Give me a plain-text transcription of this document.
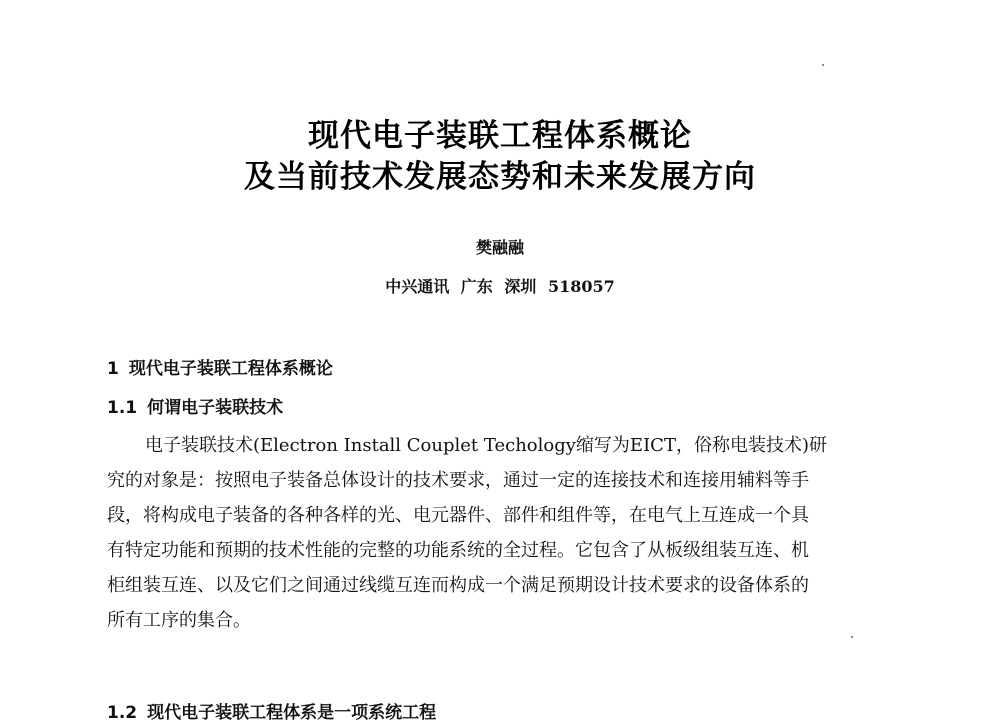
现代电子装联工程体系概论
及当前技术发展态势和未来发展方向
樊融融
中兴通讯 广东 深圳 518057
1 现代电子装联工程体系概论
1.1 何谓电子装联技术
电子装联技术(Electron Install Couplet Techology缩写为EICT，俗称电装技术)研
究的对象是：按照电子装备总体设计的技术要求，通过一定的连接技术和连接用辅料等手
段，将构成电子装备的各种各样的光、电元器件、部件和组件等，在电气上互连成一个具
有特定功能和预期的技术性能的完整的功能系统的全过程。它包含了从板级组装互连、机
柜组装互连、以及它们之间通过线缆互连而构成一个满足预期设计技术要求的设备体系的
所有工序的集合。
1.2 现代电子装联工程体系是一项系统工程
